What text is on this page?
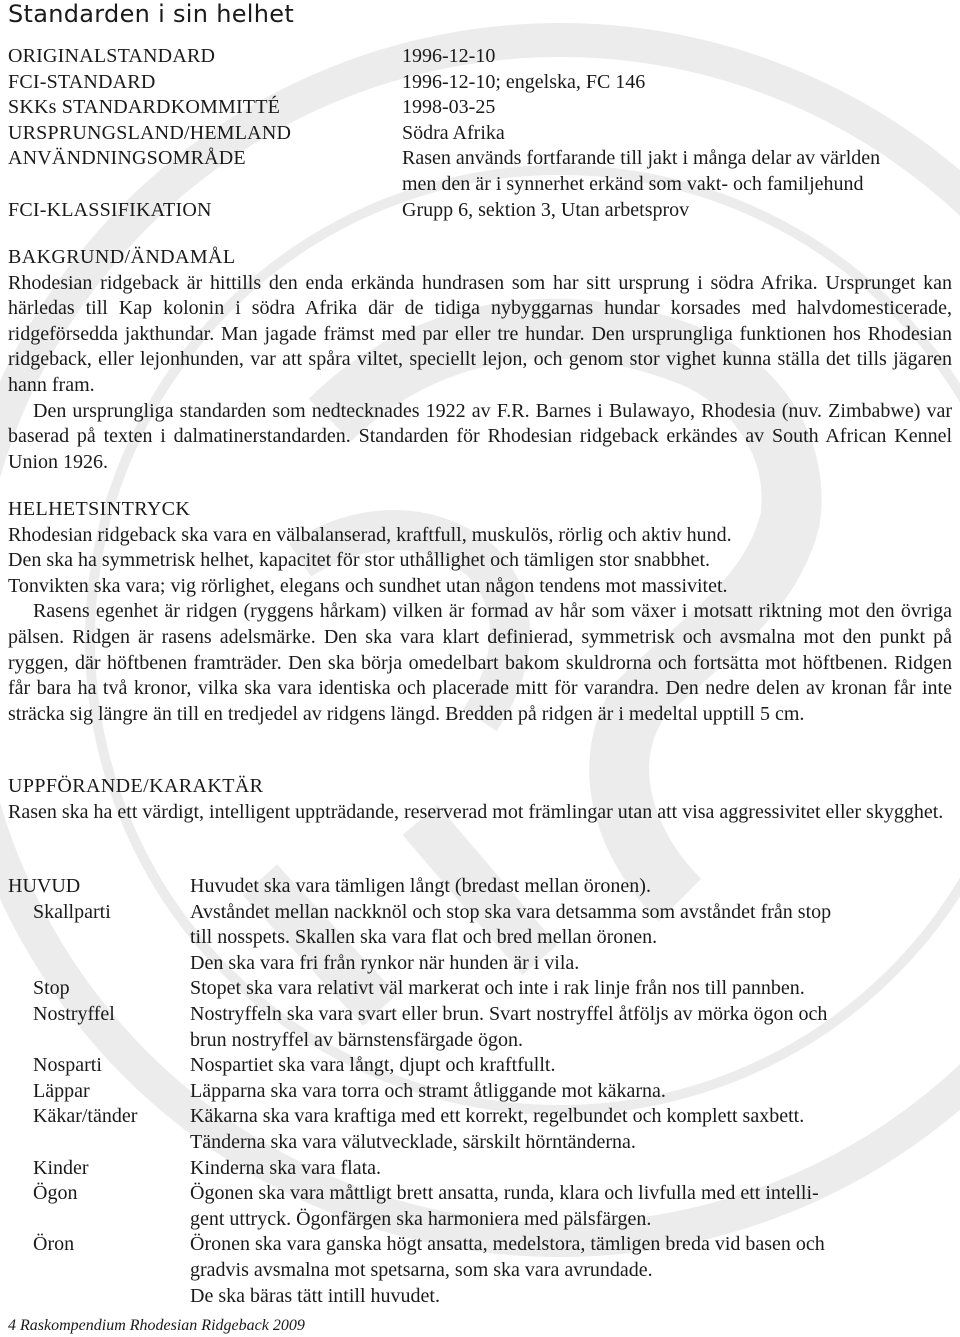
Standarden i sin helhet
ORIGINALSTANDARD	1996-12-10
FCI-STANDARD	1996-12-10; engelska, FC 146
SKKs STANDARDKOMMITTÉ	1998-03-25
URSPRUNGSLAND/HEMLAND	Södra Afrika
ANVÄNDNINGSOMRÅDE	Rasen används fortfarande till jakt i många delar av världen
men den är i synnerhet erkänd som vakt- och familjehund
FCI-KLASSIFIKATION	Grupp 6, sektion 3, Utan arbetsprov
BAKGRUND/ÄNDAMÅL
Rhodesian ridgeback är hittills den enda erkända hundrasen som har sitt ursprung i södra Afrika. Ursprunget kan härledas till Kap kolonin i södra Afrika där de tidiga nybyggarnas hundar korsades med halvdomesticerade, ridgeförsedda jakthundar. Man jagade främst med par eller tre hundar. Den ursprungliga funktionen hos Rhodesian ridgeback, eller lejonhunden, var att spåra viltet, speciellt lejon, och genom stor vighet kunna ställa det tills jägaren hann fram.
Den ursprungliga standarden som nedtecknades 1922 av F.R. Barnes i Bulawayo, Rhodesia (nuv. Zimbabwe) var baserad på texten i dalmatinerstandarden. Standarden för Rhodesian ridgeback erkändes av South African Kennel Union 1926.
HELHETSINTRYCK
Rhodesian ridgeback ska vara en välbalanserad, kraftfull, muskulös, rörlig och aktiv hund.
Den ska ha symmetrisk helhet, kapacitet för stor uthållighet och tämligen stor snabbhet.
Tonvikten ska vara; vig rörlighet, elegans och sundhet utan någon tendens mot massivitet.
Rasens egenhet är ridgen (ryggens hårkam) vilken är formad av hår som växer i motsatt riktning mot den övriga pälsen. Ridgen är rasens adelsmärke. Den ska vara klart definierad, symmetrisk och avsmalna mot den punkt på ryggen, där höftbenen framträder. Den ska börja omedelbart bakom skuldrorna och fortsätta mot höftbenen. Ridgen får bara ha två kronor, vilka ska vara identiska och placerade mitt för varandra. Den nedre delen av kronan får inte sträcka sig längre än till en tredjedel av ridgens längd. Bredden på ridgen är i medeltal upptill 5 cm.
UPPFÖRANDE/KARAKTÄR
Rasen ska ha ett värdigt, intelligent uppträdande, reserverad mot främlingar utan att visa aggressivitet eller skygghet.
HUVUD	Huvudet ska vara tämligen långt (bredast mellan öronen).
Skallparti	Avståndet mellan nackknöl och stop ska vara detsamma som avståndet från stop
till nosspets. Skallen ska vara flat och bred mellan öronen.
Den ska vara fri från rynkor när hunden är i vila.
Stop	Stopet ska vara relativt väl markerat och inte i rak linje från nos till pannben.
Nostryffel	Nostryffeln ska vara svart eller brun. Svart nostryffel åtföljs av mörka ögon och
brun nostryffel av bärnstensfärgade ögon.
Nosparti	Nospartiet ska vara långt, djupt och kraftfullt.
Läppar	Läpparna ska vara torra och stramt åtliggande mot käkarna.
Käkar/tänder	Käkarna ska vara kraftiga med ett korrekt, regelbundet och komplett saxbett.
Tänderna ska vara välutvecklade, särskilt hörntänderna.
Kinder	Kinderna ska vara flata.
Ögon	Ögonen ska vara måttligt brett ansatta, runda, klara och livfulla med ett intelli-
gent uttryck. Ögonfärgen ska harmoniera med pälsfärgen.
Öron	Öronen ska vara ganska högt ansatta, medelstora, tämligen breda vid basen och
gradvis avsmalna mot spetsarna, som ska vara avrundade.
De ska bäras tätt intill huvudet.
4 Raskompendium Rhodesian Ridgeback 2009
